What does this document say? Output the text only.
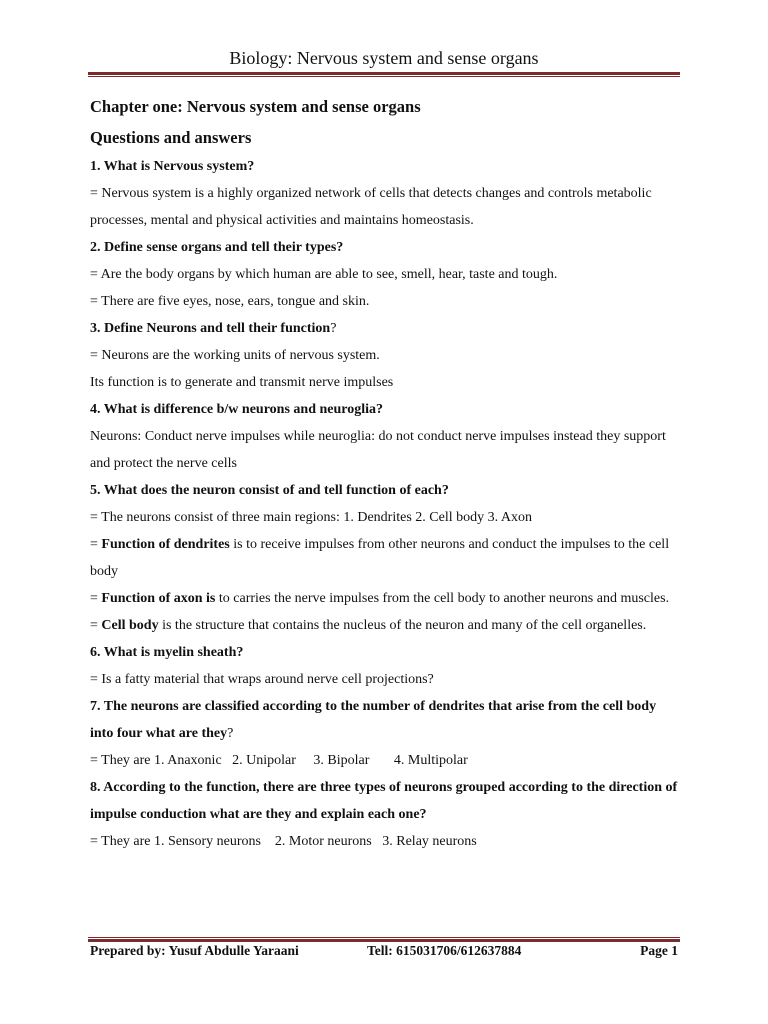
Biology: Nervous system and sense organs

Chapter one: Nervous system and sense organs

Questions and answers

1. What is Nervous system?

= Nervous system is a highly organized network of cells that detects changes and controls metabolic processes, mental and physical activities and maintains homeostasis.

2. Define sense organs and tell their types?

= Are the body organs by which human are able to see, smell, hear, taste and tough.

= There are five eyes, nose, ears, tongue and skin.

3. Define Neurons and tell their function?

= Neurons are the working units of nervous system.

Its function is to generate and transmit nerve impulses

4. What is difference b/w neurons and neuroglia?

Neurons: Conduct nerve impulses while neuroglia: do not conduct nerve impulses instead they support and protect the nerve cells

5. What does the neuron consist of and tell function of each?

= The neurons consist of three main regions: 1. Dendrites 2. Cell body 3. Axon

= Function of dendrites is to receive impulses from other neurons and conduct the impulses to the cell body

= Function of axon is to carries the nerve impulses from the cell body to another neurons and muscles.

= Cell body is the structure that contains the nucleus of the neuron and many of the cell organelles.

6. What is myelin sheath?

= Is a fatty material that wraps around nerve cell projections?

7. The neurons are classified according to the number of dendrites that arise from the cell body into four what are they?

= They are 1. Anaxonic   2. Unipolar     3. Bipolar       4. Multipolar

8. According to the function, there are three types of neurons grouped according to the direction of impulse conduction what are they and explain each one?

= They are 1. Sensory neurons    2. Motor neurons   3. Relay neurons

Prepared by: Yusuf Abdulle Yaraani	Tell: 615031706/612637884	Page 1
